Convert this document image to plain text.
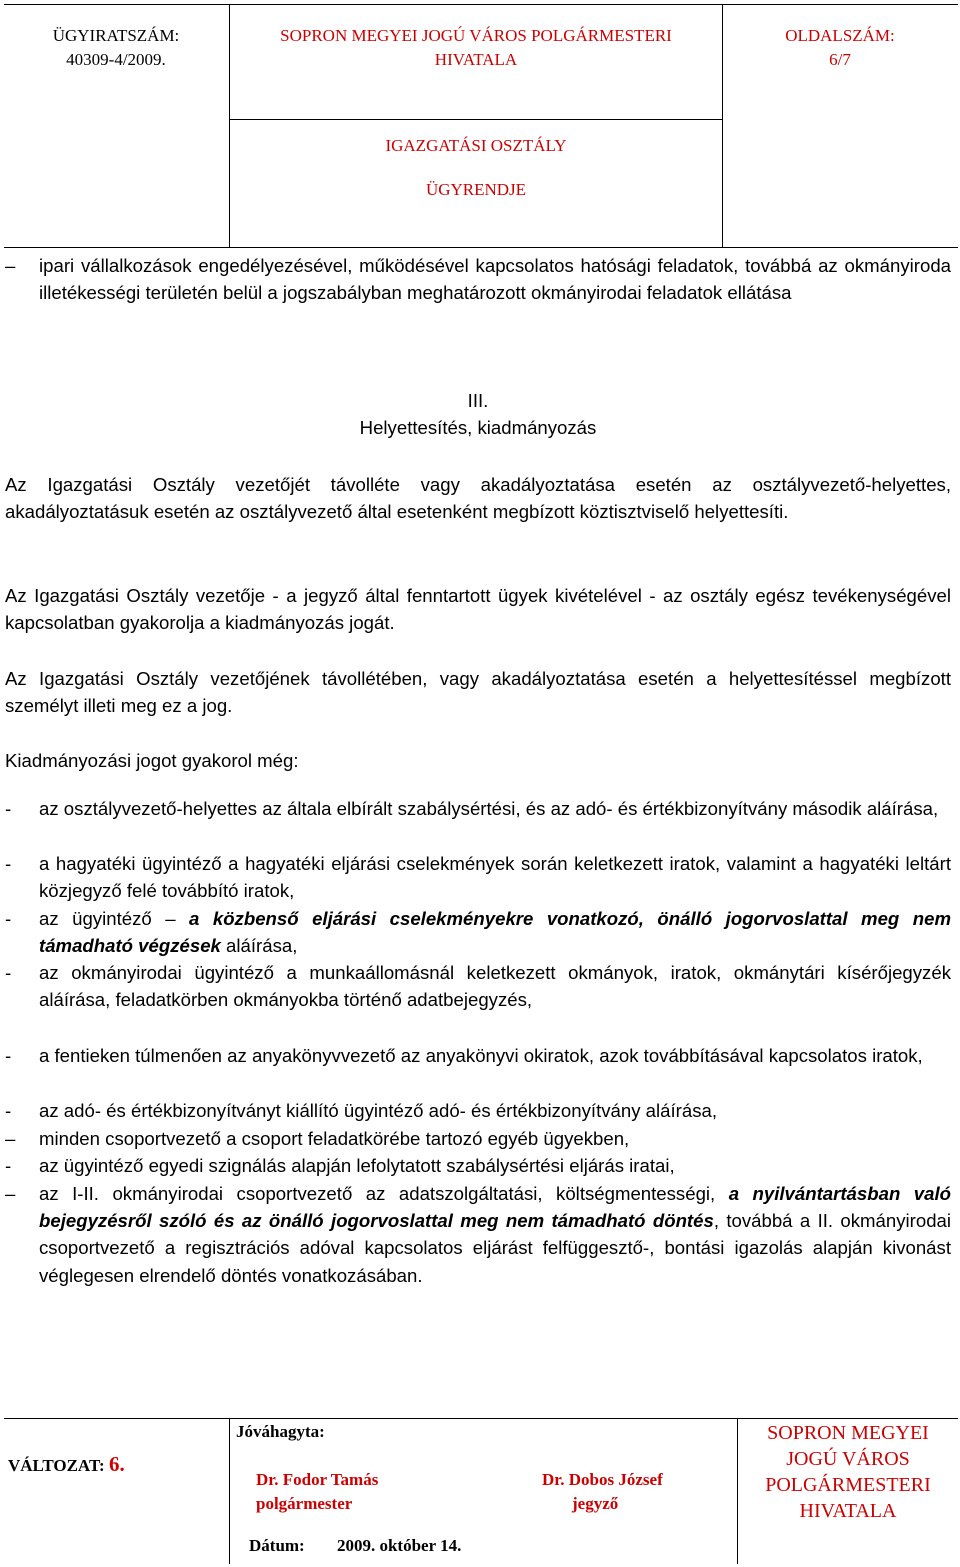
ÜGYIRATSZÁM:
40309-4/2009.
SOPRON MEGYEI JOGÚ VÁROS POLGÁRMESTERI
HIVATALA
OLDALSZÁM:
6/7
IGAZGATÁSI OSZTÁLY
ÜGYRENDJE
–	ipari vállalkozások engedélyezésével, működésével kapcsolatos hatósági feladatok, továbbá az okmányiroda illetékességi területén belül a jogszabályban meghatározott okmányirodai feladatok ellátása
III.
Helyettesítés, kiadmányozás
Az Igazgatási Osztály vezetőjét távolléte vagy akadályoztatása esetén az osztályvezető-helyettes, akadályoztatásuk esetén az osztályvezető által esetenként megbízott köztisztviselő helyettesíti.
Az Igazgatási Osztály vezetője - a jegyző által fenntartott ügyek kivételével - az osztály egész tevékenységével kapcsolatban gyakorolja a kiadmányozás jogát.
Az Igazgatási Osztály vezetőjének távollétében, vagy akadályoztatása esetén a helyettesítéssel megbízott személyt illeti meg ez a jog.
Kiadmányozási jogot gyakorol még:
-	az osztályvezető-helyettes az általa elbírált szabálysértési, és az adó- és értékbizonyítvány második aláírása,
-	a hagyatéki ügyintéző a hagyatéki eljárási cselekmények során keletkezett iratok, valamint a hagyatéki leltárt közjegyző felé továbbító iratok,
-	az ügyintéző – a közbenső eljárási cselekményekre vonatkozó, önálló jogorvoslattal meg nem támadható végzések aláírása,
-	az okmányirodai ügyintéző a munkaállomásnál keletkezett okmányok, iratok, okmánytári kísérőjegyzék aláírása, feladatkörben okmányokba történő adatbejegyzés,
-	a fentieken túlmenően az anyakönyvvezető az anyakönyvi okiratok, azok továbbításával kapcsolatos iratok,
-	az adó- és értékbizonyítványt kiállító ügyintéző adó- és értékbizonyítvány aláírása,
–	minden csoportvezető a csoport feladatkörébe tartozó egyéb ügyekben,
-	az ügyintéző egyedi szignálás alapján lefolytatott szabálysértési eljárás iratai,
–	az I-II. okmányirodai csoportvezető az adatszolgáltatási, költségmentességi, a nyilvántartásban való bejegyzésről szóló és az önálló jogorvoslattal meg nem támadható döntés, továbbá a II. okmányirodai csoportvezető a regisztrációs adóval kapcsolatos eljárást felfüggesztő-, bontási igazolás alapján kivonást véglegesen elrendelő döntés vonatkozásában.
VÁLTOZAT: 6.
Jóváhagyta:
Dr. Fodor Tamás
polgármester
Dr. Dobos József
jegyző
Dátum: 2009. október 14.
SOPRON MEGYEI
JOGÚ VÁROS
POLGÁRMESTERI
HIVATALA
